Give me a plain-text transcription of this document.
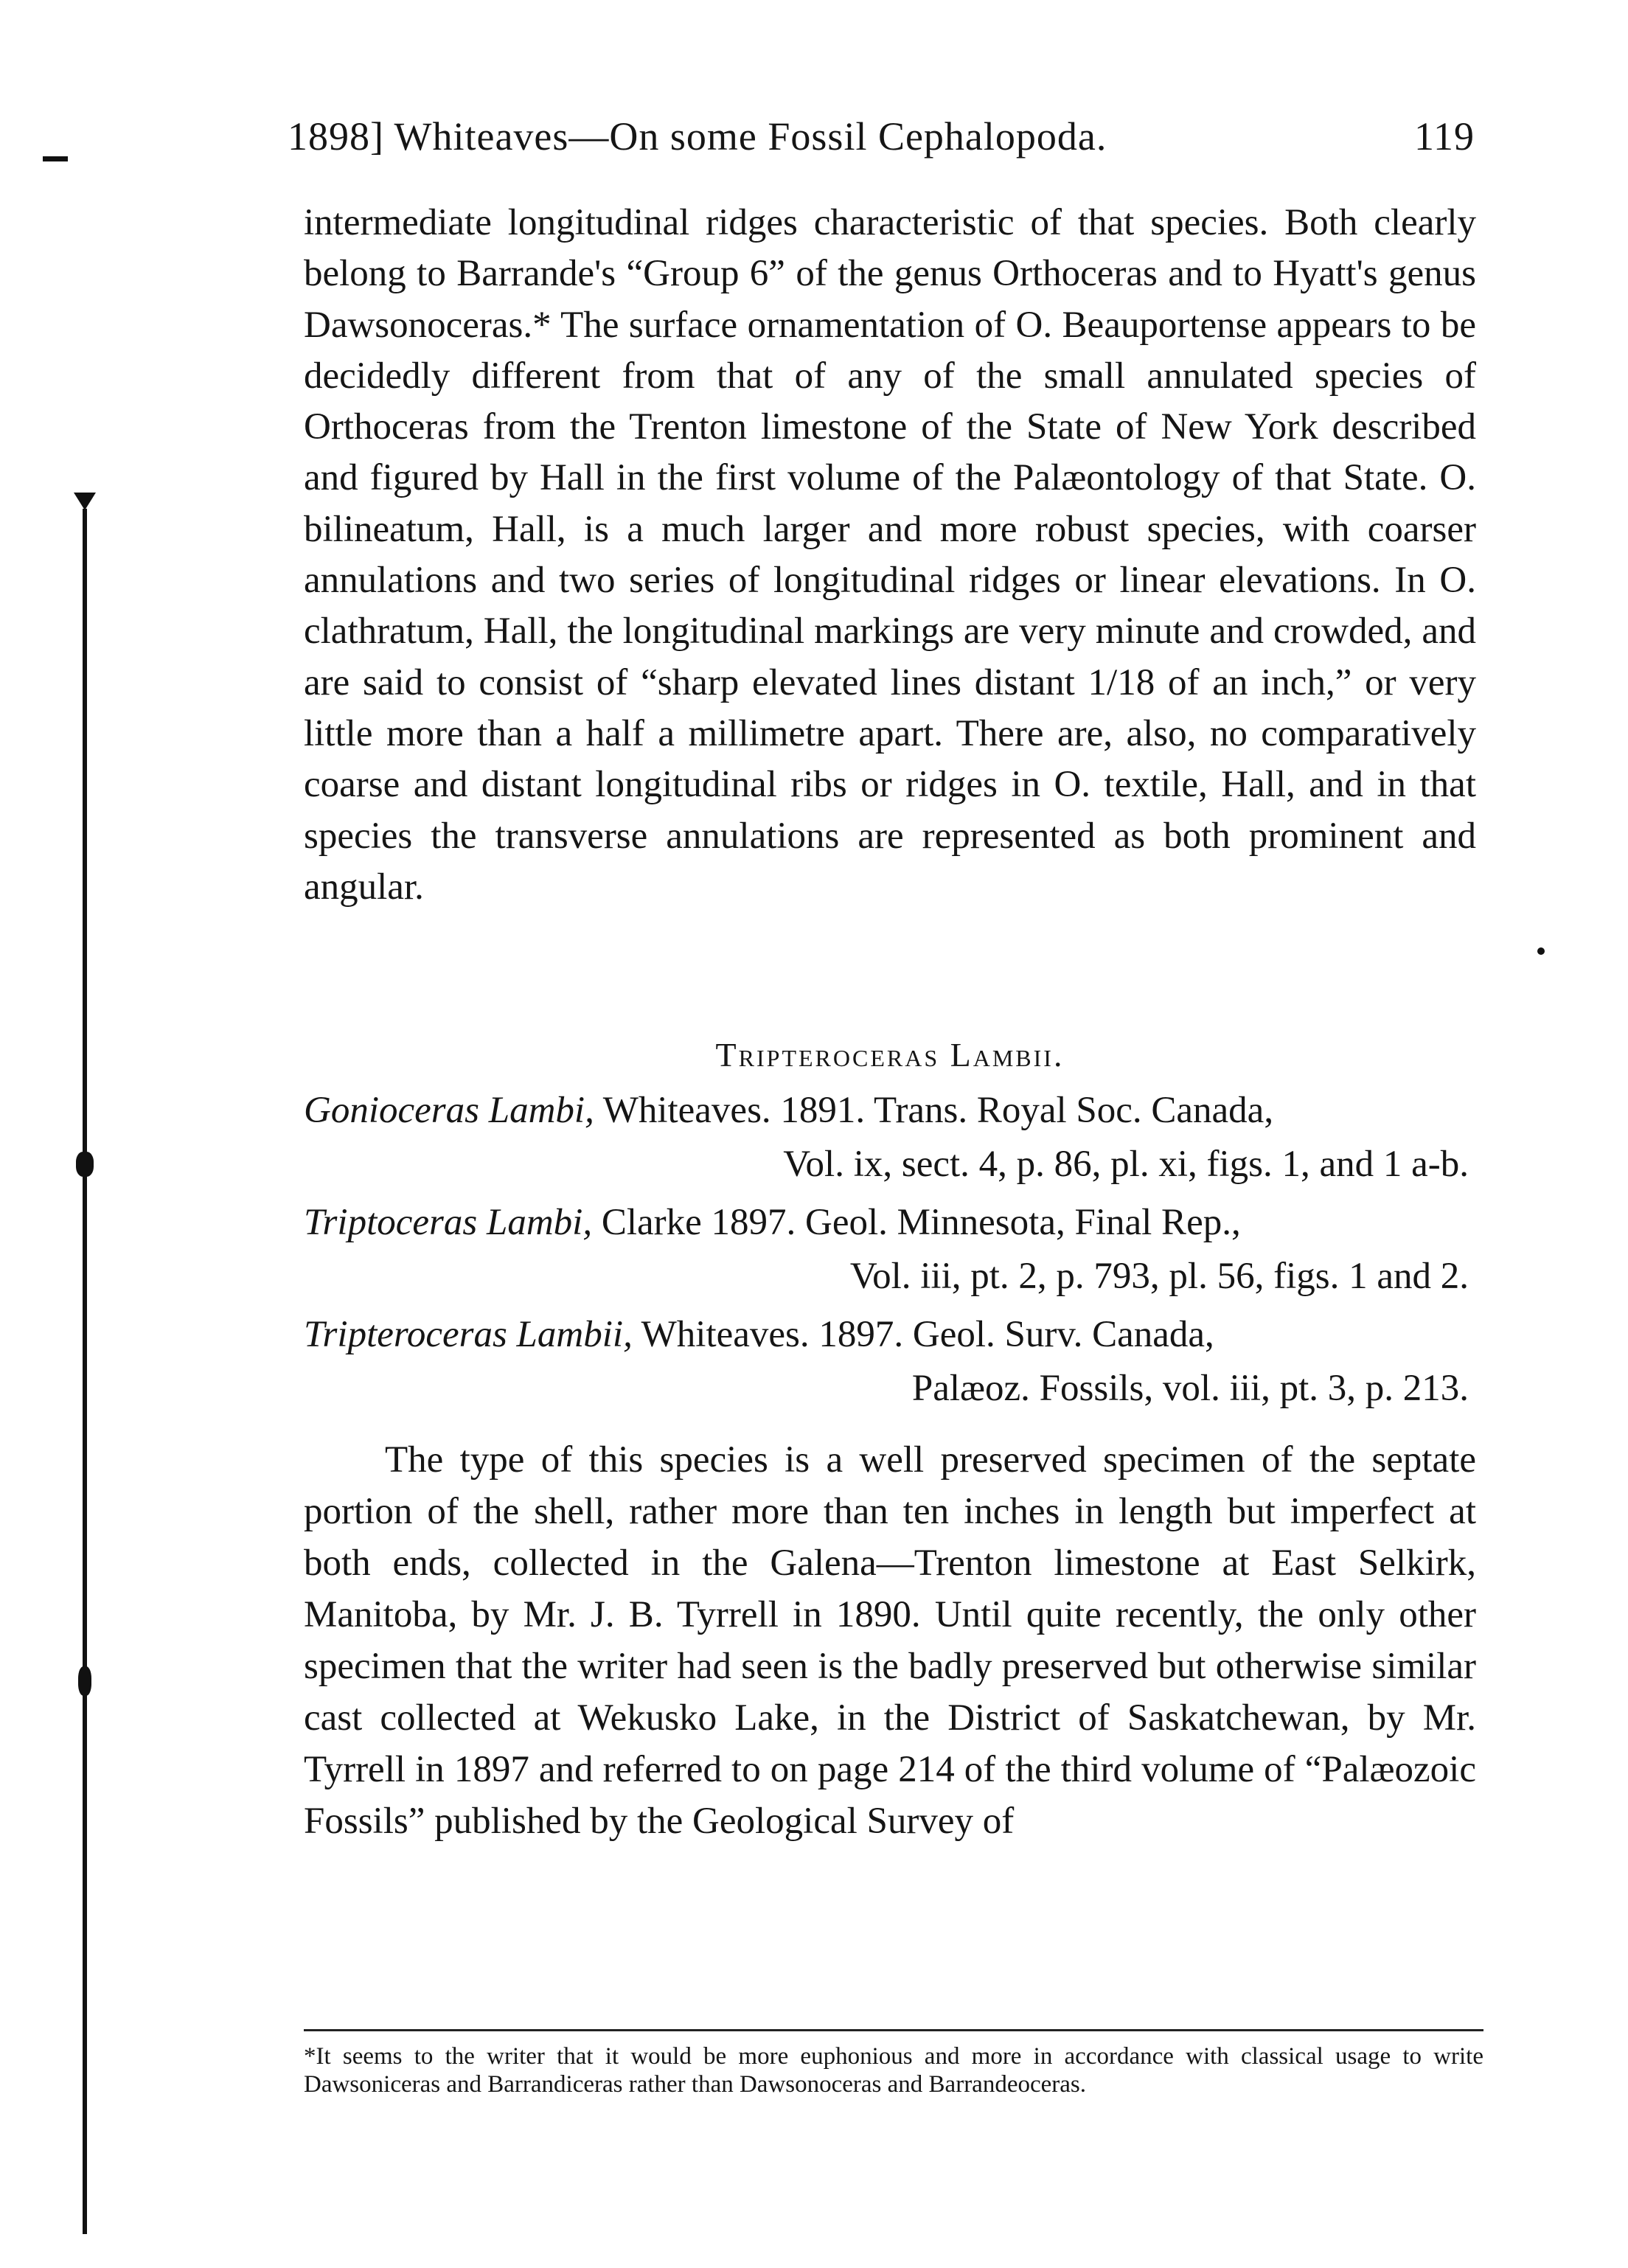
1898] Whiteaves—On some Fossil Cephalopoda.	119

intermediate longitudinal ridges characteristic of that species. Both clearly belong to Barrande's “Group 6” of the genus Orthoceras and to Hyatt's genus Dawsonoceras.* The surface ornamentation of O. Beauportense appears to be decidedly different from that of any of the small annulated species of Orthoceras from the Trenton limestone of the State of New York described and figured by Hall in the first volume of the Palæontology of that State. O. bilineatum, Hall, is a much larger and more robust species, with coarser annulations and two series of longitudinal ridges or linear elevations. In O. clathratum, Hall, the longitudinal markings are very minute and crowded, and are said to consist of “sharp elevated lines distant 1/18 of an inch,” or very little more than a half a millimetre apart. There are, also, no comparatively coarse and distant longitudinal ribs or ridges in O. textile, Hall, and in that species the transverse annulations are represented as both prominent and angular.

Tripteroceras Lambii.
Gonioceras Lambi, Whiteaves. 1891. Trans. Royal Soc. Canada,
Vol. ix, sect. 4, p. 86, pl. xi, figs. 1, and 1 a-b.
Triptoceras Lambi, Clarke 1897. Geol. Minnesota, Final Rep.,
Vol. iii, pt. 2, p. 793, pl. 56, figs. 1 and 2.
Tripteroceras Lambii, Whiteaves. 1897. Geol. Surv. Canada,
Palæoz. Fossils, vol. iii, pt. 3, p. 213.

The type of this species is a well preserved specimen of the septate portion of the shell, rather more than ten inches in length but imperfect at both ends, collected in the Galena—Trenton limestone at East Selkirk, Manitoba, by Mr. J. B. Tyrrell in 1890. Until quite recently, the only other specimen that the writer had seen is the badly preserved but otherwise similar cast collected at Wekusko Lake, in the District of Saskatchewan, by Mr. Tyrrell in 1897 and referred to on page 214 of the third volume of “Palæozoic Fossils” published by the Geological Survey of

*It seems to the writer that it would be more euphonious and more in accordance with classical usage to write Dawsoniceras and Barrandiceras rather than Dawsonoceras and Barrandeoceras.
